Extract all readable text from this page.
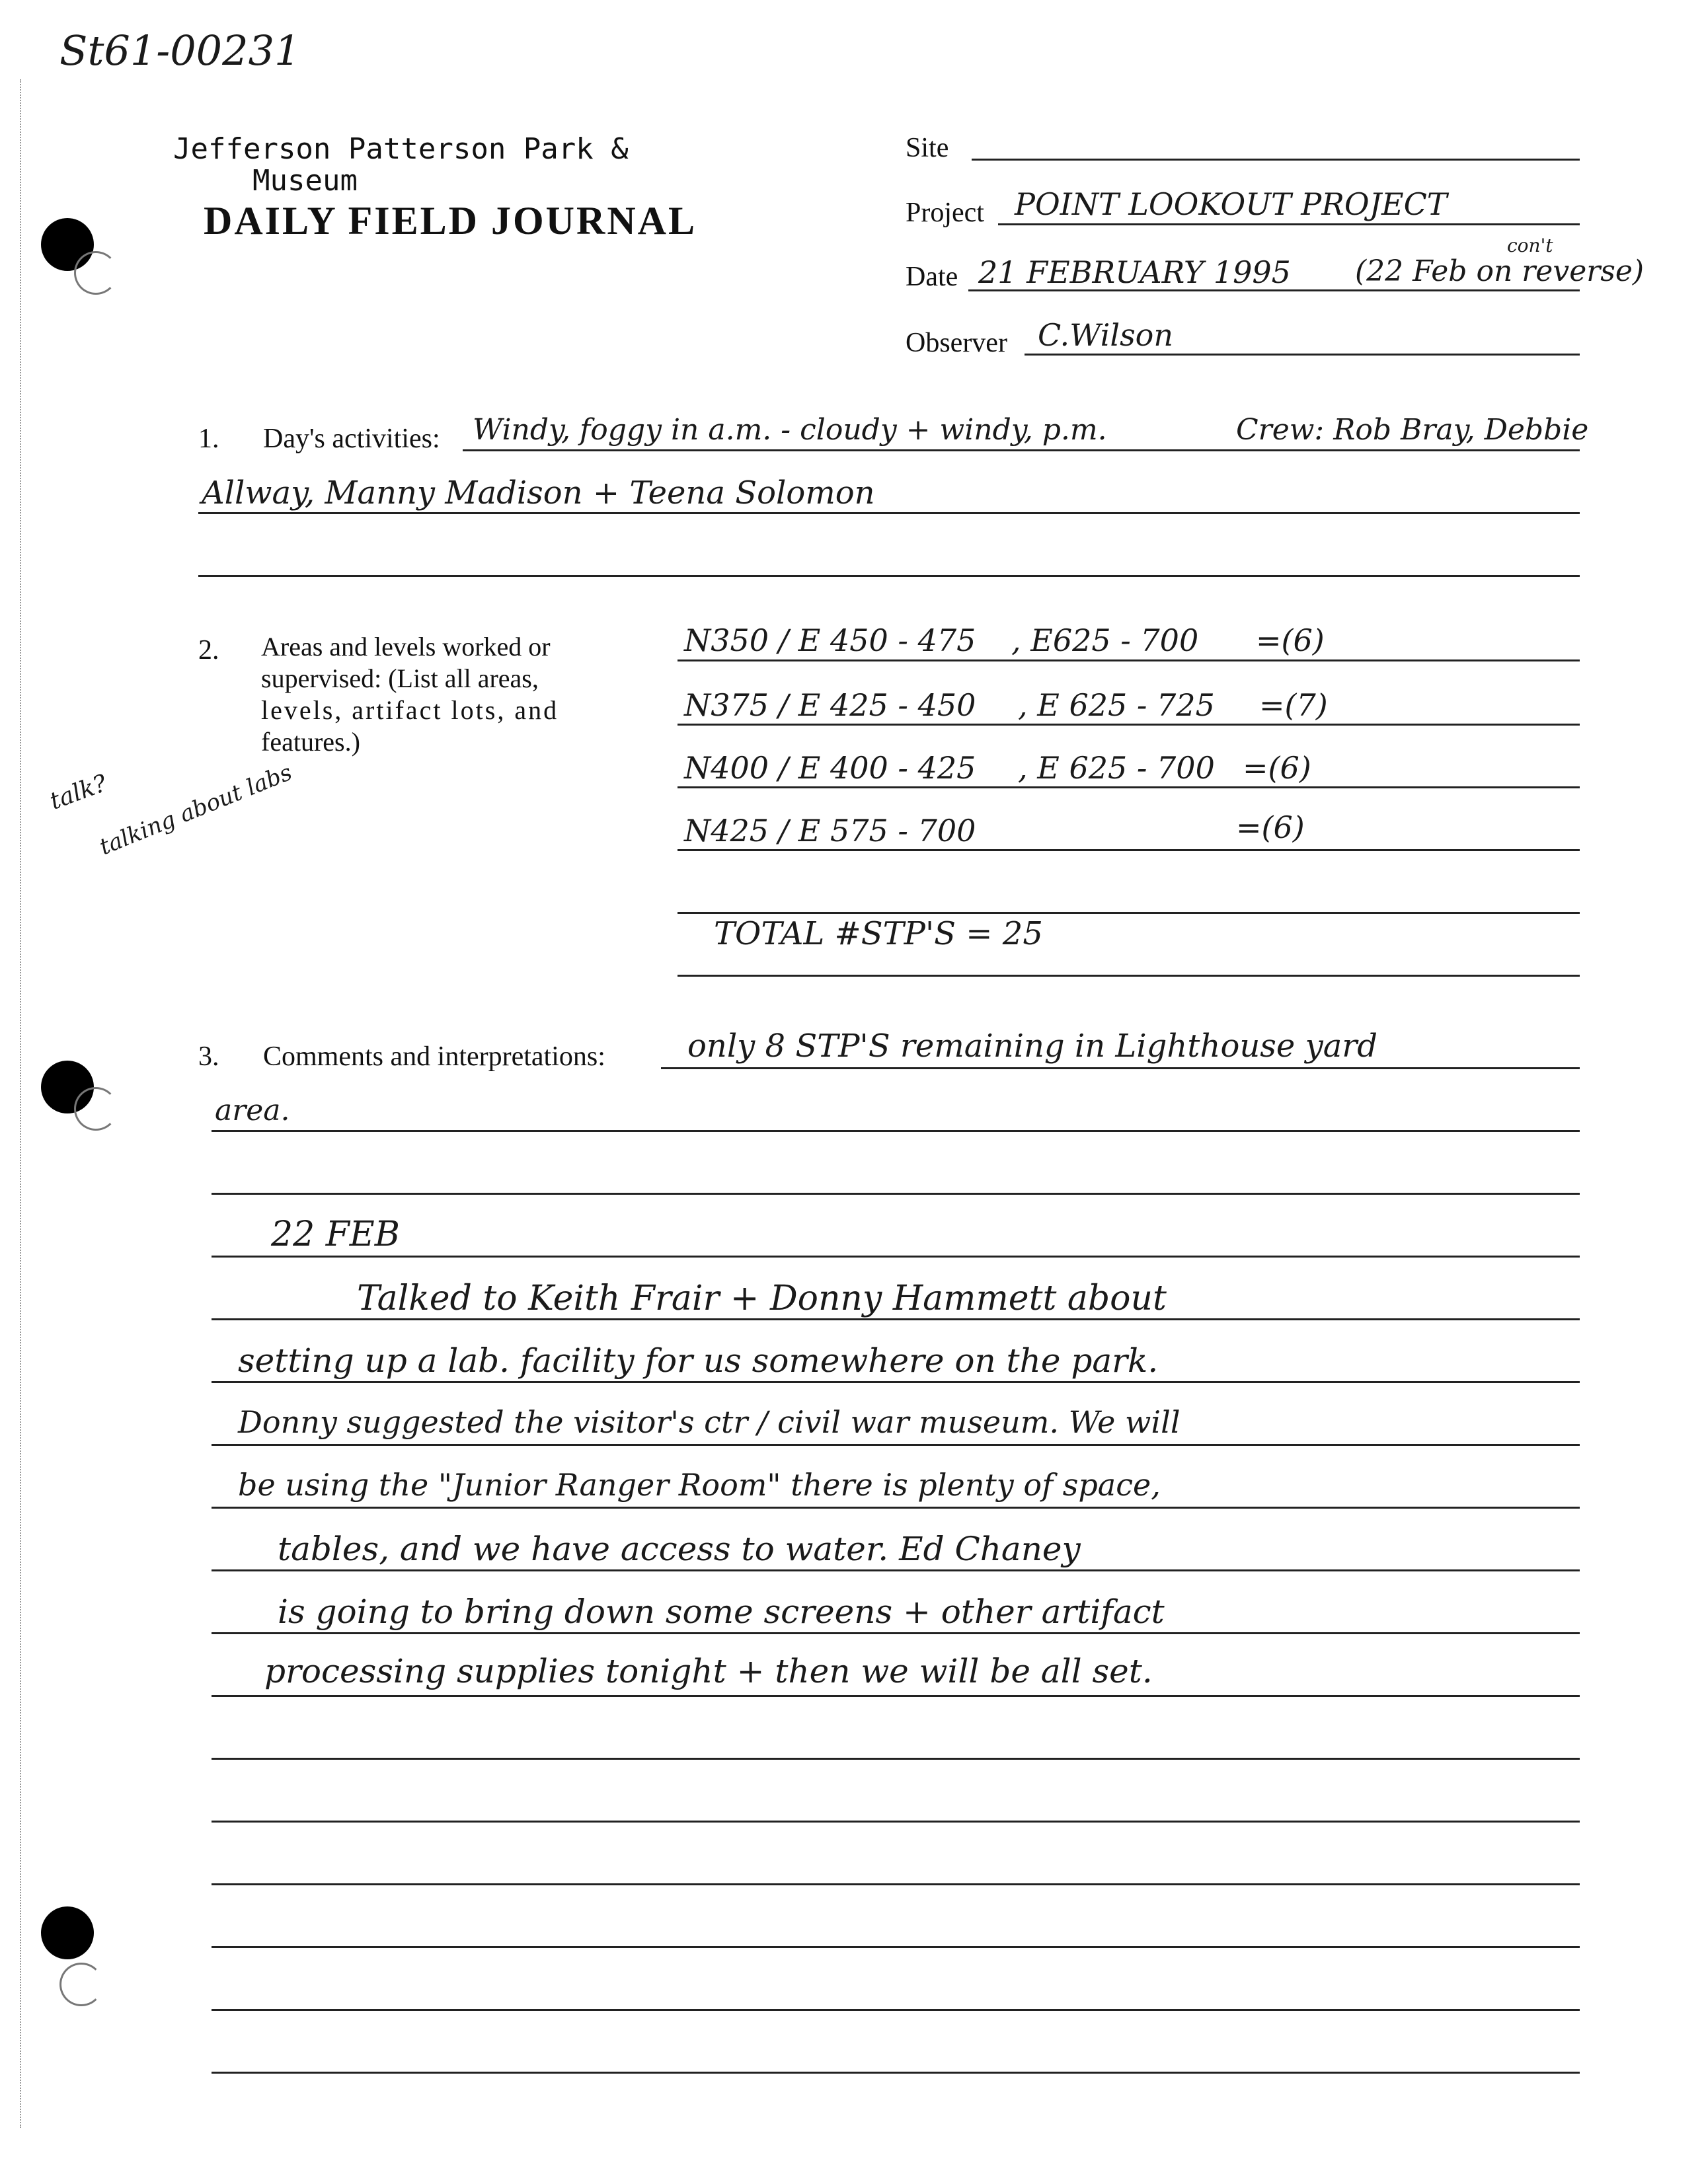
St61-00231
Jefferson Patterson Park &
Museum
DAILY FIELD JOURNAL
Site
Project POINT LOOKOUT PROJECT
Date 21 FEBRUARY 1995 (22 Feb on reverse)
con't
Observer C.Wilson
1. Day's activities: Windy, foggy in a.m. - cloudy + windy, p.m.	Crew: Rob Bray, Debbie
Allway, Manny Madison + Teena Solomon
2. Areas and levels worked or
supervised: (List all areas,
levels, artifact lots, and
features.)
N350 / E 450 - 475 , E625 - 700 =(6)
N375 / E 425 - 450 , E 625 - 725 =(7)
N400 / E 400 - 425 , E 625 - 700 =(6)
N425 / E 575 - 700	=(6)
TOTAL #STP'S = 25
talk?
talking about labs
3. Comments and interpretations:	only 8 STP'S remaining in Lighthouse yard
area.
22 FEB
Talked to Keith Frair + Donny Hammett about
setting up a lab. facility for us somewhere on the park.
Donny suggested the visitor's ctr / civil war museum. We will
be using the "Junior Ranger Room" there is plenty of space,
tables, and we have access to water. Ed Chaney
is going to bring down some screens + other artifact
processing supplies tonight + then we will be all set.
